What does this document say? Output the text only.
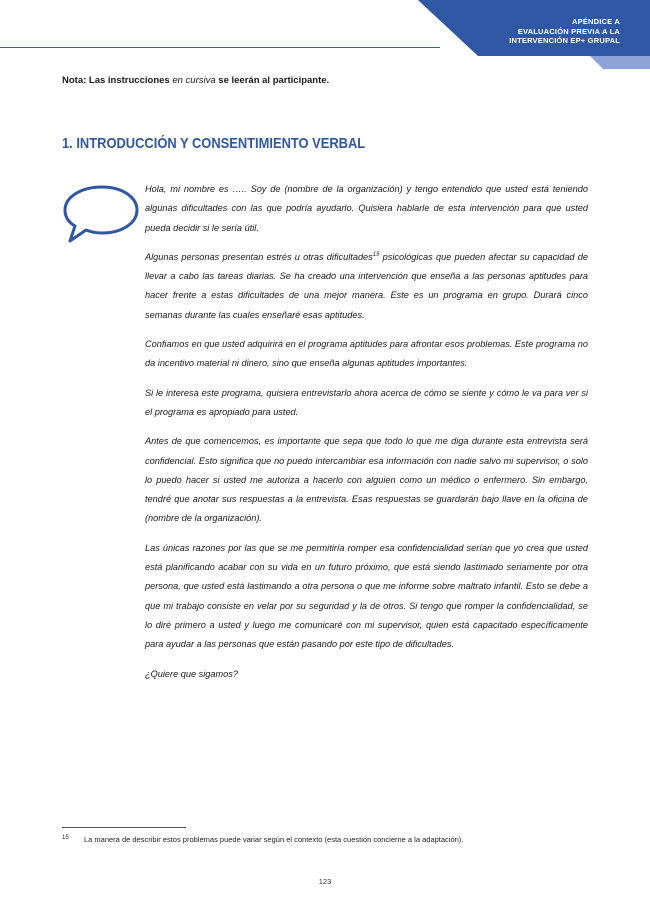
APÉNDICE A
EVALUACIÓN PREVIA A LA
INTERVENCIÓN EP+ GRUPAL
Nota: Las instrucciones en cursiva se leerán al participante.
1. INTRODUCCIÓN Y CONSENTIMIENTO VERBAL

Hola, mi nombre es ….. Soy de (nombre de la organización) y tengo entendido que usted está teniendo algunas dificultades con las que podría ayudarlo. Quisiera hablarle de esta intervención para que usted pueda decidir si le sería útil.

Algunas personas presentan estrés u otras dificultades$^{15}$ psicológicas que pueden afectar su capacidad de llevar a cabo las tareas diarias. Se ha creado una intervención que enseña a las personas aptitudes para hacer frente a estas dificultades de una mejor manera. Este es un programa en grupo. Durará cinco semanas durante las cuales enseñaré esas aptitudes.

Confiamos en que usted adquirirá en el programa aptitudes para afrontar esos problemas. Este programa no da incentivo material ni dinero, sino que enseña algunas aptitudes importantes.

Si le interesa este programa, quisiera entrevistarlo ahora acerca de cómo se siente y cómo le va para ver si el programa es apropiado para usted.

Antes de que comencemos, es importante que sepa que todo lo que me diga durante esta entrevista será confidencial. Esto significa que no puedo intercambiar esa información con nadie salvo mi supervisor, o solo lo puedo hacer si usted me autoriza a hacerlo con alguien como un médico o enfermero. Sin embargo, tendré que anotar sus respuestas a la entrevista. Esas respuestas se guardarán bajo llave en la oficina de (nombre de la organización).

Las únicas razones por las que se me permitiría romper esa confidencialidad serían que yo crea que usted está planificando acabar con su vida en un futuro próximo, que está siendo lastimado seriamente por otra persona, que usted está lastimando a otra persona o que me informe sobre maltrato infantil. Esto se debe a que mi trabajo consiste en velar por su seguridad y la de otros. Si tengo que romper la confidencialidad, se lo diré primero a usted y luego me comunicaré con mi supervisor, quien está capacitado específicamente para ayudar a las personas que están pasando por este tipo de dificultades.

¿Quiere que sigamos?

15 La manera de describir estos problemas puede variar según el contexto (esta cuestión concierne a la adaptación).
123
